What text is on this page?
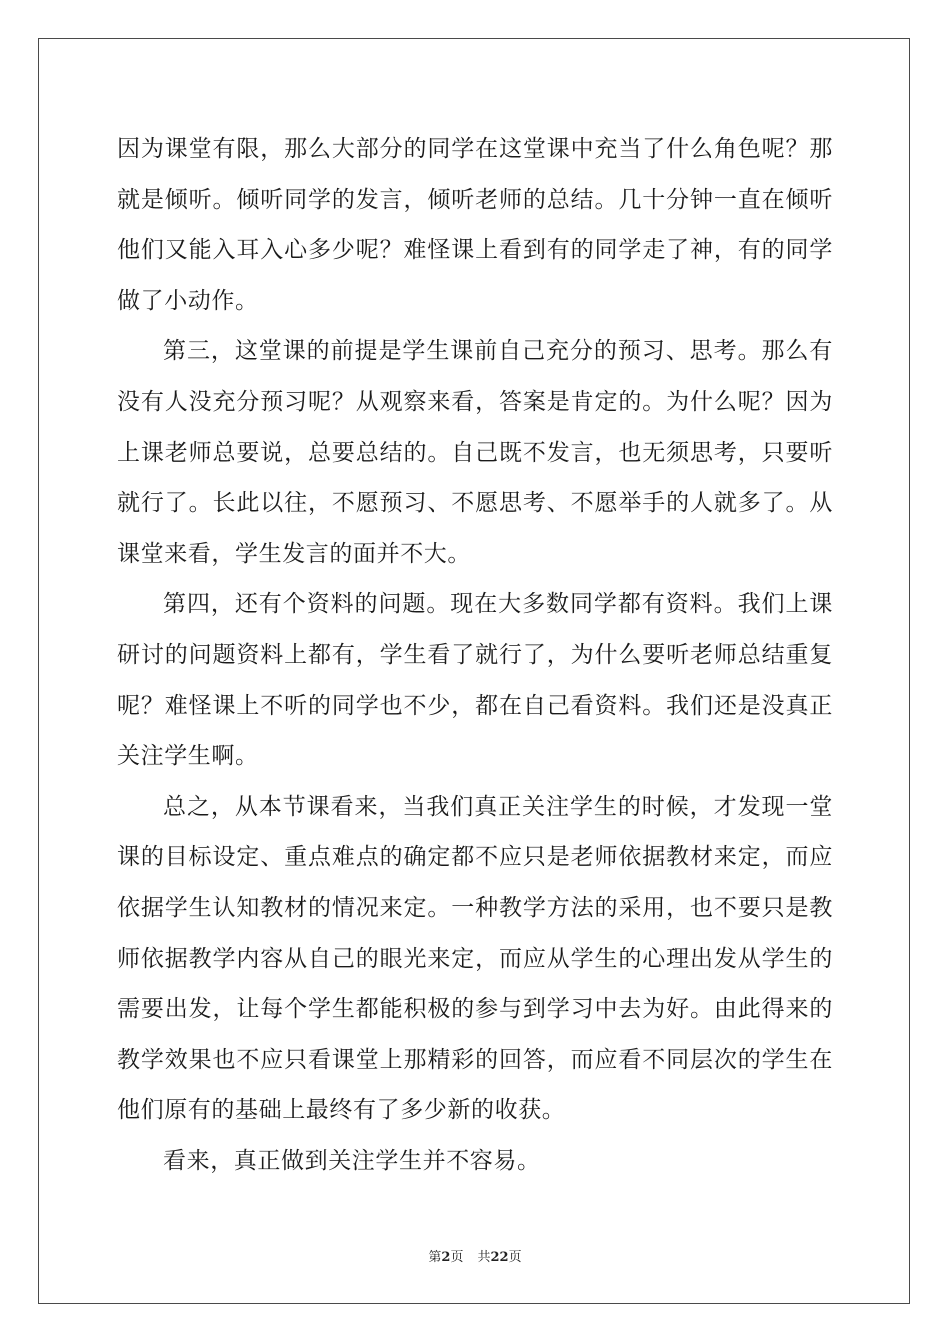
因为课堂有限，那么大部分的同学在这堂课中充当了什么角色呢？那就是倾听。倾听同学的发言，倾听老师的总结。几十分钟一直在倾听他们又能入耳入心多少呢？难怪课上看到有的同学走了神，有的同学做了小动作。

第三，这堂课的前提是学生课前自己充分的预习、思考。那么有没有人没充分预习呢？从观察来看，答案是肯定的。为什么呢？因为上课老师总要说，总要总结的。自己既不发言，也无须思考，只要听就行了。长此以往，不愿预习、不愿思考、不愿举手的人就多了。从课堂来看，学生发言的面并不大。

第四，还有个资料的问题。现在大多数同学都有资料。我们上课研讨的问题资料上都有，学生看了就行了，为什么要听老师总结重复呢？难怪课上不听的同学也不少，都在自己看资料。我们还是没真正关注学生啊。

总之，从本节课看来，当我们真正关注学生的时候，才发现一堂课的目标设定、重点难点的确定都不应只是老师依据教材来定，而应依据学生认知教材的情况来定。一种教学方法的采用，也不要只是教师依据教学内容从自己的眼光来定，而应从学生的心理出发从学生的需要出发，让每个学生都能积极的参与到学习中去为好。由此得来的教学效果也不应只看课堂上那精彩的回答，而应看不同层次的学生在他们原有的基础上最终有了多少新的收获。

看来，真正做到关注学生并不容易。

第2页 共22页
